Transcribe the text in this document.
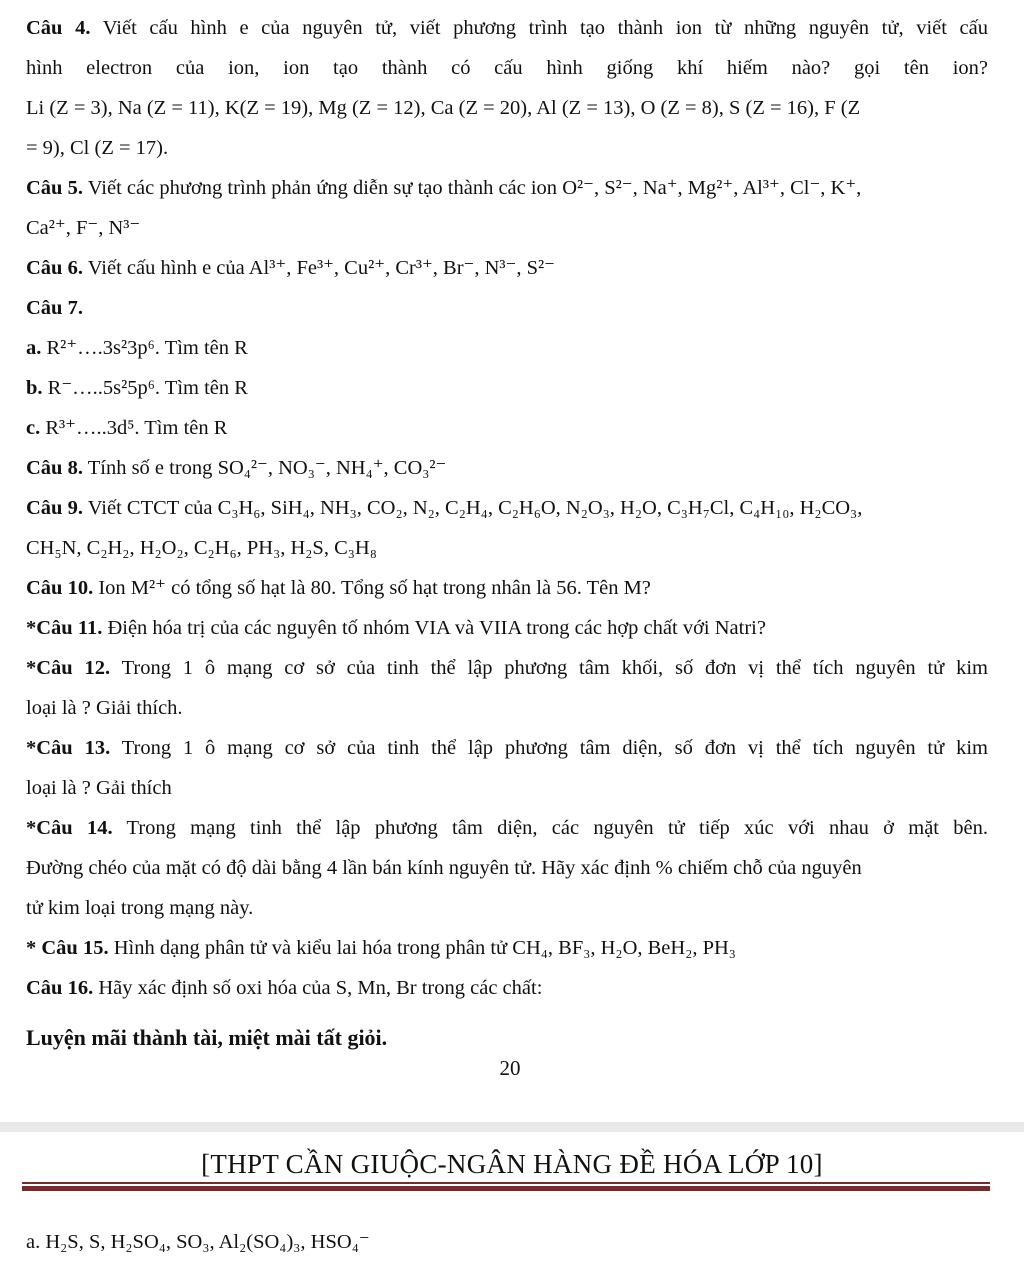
Câu 4. Viết cấu hình e của nguyên tử, viết phương trình tạo thành ion từ những nguyên tử, viết cấu

hình electron của ion, ion tạo thành có cấu hình giống khí hiếm nào? gọi tên ion?

Li (Z = 3), Na (Z = 11), K(Z = 19), Mg (Z = 12), Ca (Z = 20), Al (Z = 13), O (Z = 8), S (Z = 16), F (Z

= 9), Cl (Z = 17).

Câu 5. Viết các phương trình phản ứng diễn sự tạo thành các ion O²⁻, S²⁻, Na⁺, Mg²⁺, Al³⁺, Cl⁻, K⁺,

Ca²⁺, F⁻, N³⁻

Câu 6. Viết cấu hình e của Al³⁺, Fe³⁺, Cu²⁺, Cr³⁺, Br⁻, N³⁻, S²⁻

Câu 7.

a. R²⁺….3s²3p⁶. Tìm tên R

b. R⁻…..5s²5p⁶. Tìm tên R

c. R³⁺…..3d⁵. Tìm tên R

Câu 8. Tính số e trong SO₄²⁻, NO₃⁻, NH₄⁺, CO₃²⁻

Câu 9. Viết CTCT của C₃H₆, SiH₄, NH₃, CO₂, N₂, C₂H₄, C₂H₆O, N₂O₃, H₂O, C₃H₇Cl, C₄H₁₀, H₂CO₃,

CH₅N, C₂H₂, H₂O₂, C₂H₆, PH₃, H₂S, C₃H₈

Câu 10. Ion M²⁺ có tổng số hạt là 80. Tổng số hạt trong nhân là 56. Tên M?

*Câu 11. Điện hóa trị của các nguyên tố nhóm VIA và VIIA trong các hợp chất với Natri?

*Câu 12. Trong 1 ô mạng cơ sở của tinh thể lập phương tâm khối, số đơn vị thể tích nguyên tử kim

loại là ? Giải thích.

*Câu 13. Trong 1 ô mạng cơ sở của tinh thể lập phương tâm diện, số đơn vị thể tích nguyên tử kim

loại là ? Gải thích

*Câu 14. Trong mạng tinh thể lập phương tâm diện, các nguyên tử tiếp xúc với nhau ở mặt bên.

Đường chéo của mặt có độ dài bằng 4 lần bán kính nguyên tử. Hãy xác định % chiếm chỗ của nguyên

tử kim loại trong mạng này.

* Câu 15. Hình dạng phân tử và kiểu lai hóa trong phân tử CH₄, BF₃, H₂O, BeH₂, PH₃

Câu 16. Hãy xác định số oxi hóa của S, Mn, Br trong các chất:

Luyện mãi thành tài, miệt mài tất giỏi.

20
[THPT CẦN GIUỘC-NGÂN HÀNG ĐỀ HÓA LỚP 10]
a. H₂S, S, H₂SO₄, SO₃, Al₂(SO₄)₃, HSO₄⁻
